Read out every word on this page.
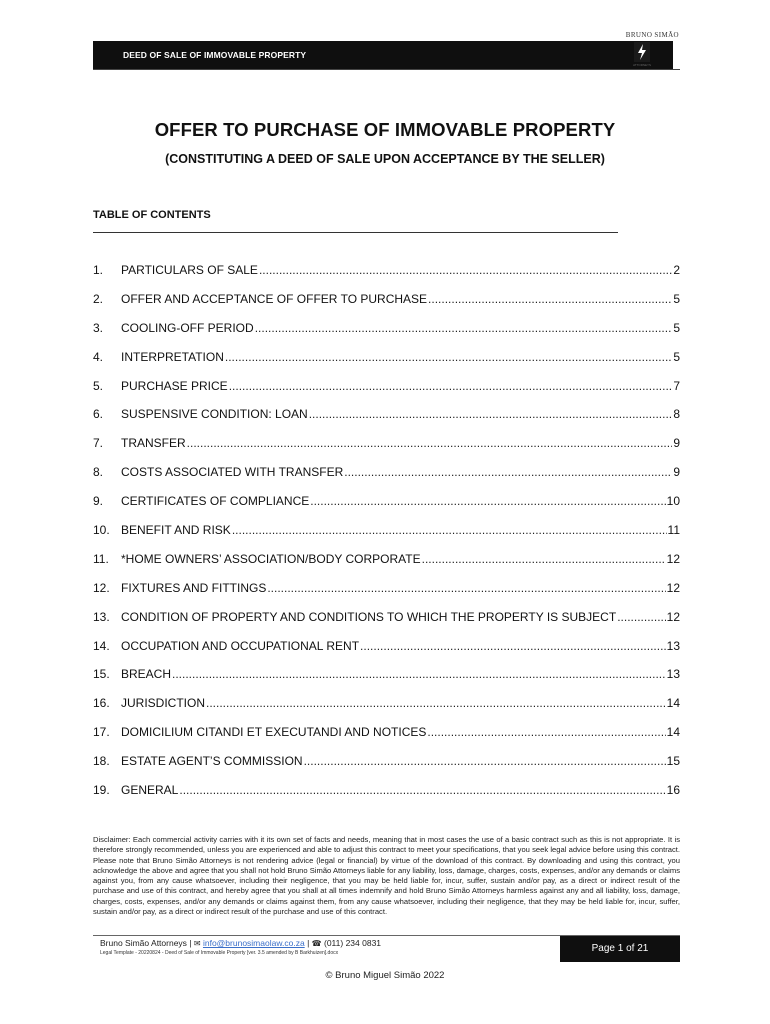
DEED OF SALE OF IMMOVABLE PROPERTY
BRUNO SIMÃO
ATTORNEYS
OFFER TO PURCHASE OF IMMOVABLE PROPERTY
(CONSTITUTING A DEED OF SALE UPON ACCEPTANCE BY THE SELLER)
TABLE OF CONTENTS
1.	PARTICULARS OF SALE .....	2
2.	OFFER AND ACCEPTANCE OF OFFER TO PURCHASE .....	5
3.	COOLING-OFF PERIOD .....	5
4.	INTERPRETATION .....	5
5.	PURCHASE PRICE .....	7
6.	SUSPENSIVE CONDITION: LOAN .....	8
7.	TRANSFER .....	9
8.	COSTS ASSOCIATED WITH TRANSFER .....	9
9.	CERTIFICATES OF COMPLIANCE .....	10
10. BENEFIT AND RISK .....	11
11.	*HOME OWNERS’ ASSOCIATION/BODY CORPORATE .....	12
12. FIXTURES AND FITTINGS .....	12
13. CONDITION OF PROPERTY AND CONDITIONS TO WHICH THE PROPERTY IS SUBJECT .....	12
14. OCCUPATION AND OCCUPATIONAL RENT .....	13
15. BREACH .....	13
16. JURISDICTION .....	14
17. DOMICILIUM CITANDI ET EXECUTANDI AND NOTICES .....	14
18. ESTATE AGENT’S COMMISSION .....	15
19. GENERAL .....	16
Disclaimer: Each commercial activity carries with it its own set of facts and needs, meaning that in most cases the use of a basic contract such as this is not appropriate. It is therefore strongly recommended, unless you are experienced and able to adjust this contract to meet your specifications, that you seek legal advice before using this contract. Please note that Bruno Simão Attorneys is not rendering advice (legal or financial) by virtue of the download of this contract. By downloading and using this contract, you acknowledge the above and agree that you shall not hold Bruno Simão Attorneys liable for any liability, loss, damage, charges, costs, expenses, and/or any demands or claims against you, from any cause whatsoever, including their negligence, that you may be held liable for, incur, suffer, sustain and/or pay, as a direct or indirect result of the purchase and use of this contract, and hereby agree that you shall at all times indemnify and hold Bruno Simão Attorneys harmless against any and all liability, loss, damage, charges, costs, expenses, and/or any demands or claims against them, from any cause whatsoever, including their negligence, that they may be held liable for, incur, suffer, sustain and/or pay, as a direct or indirect result of the purchase and use of this contract.
Bruno Simão Attorneys | ✉ info@brunosimaolaw.co.za | ☎ (011) 234 0831
Legal Template - 20220824 - Deed of Sale of Immovable Property [ver. 3.5 amended by B Barkhuizen].docx	Page 1 of 21
© Bruno Miguel Simão 2022
